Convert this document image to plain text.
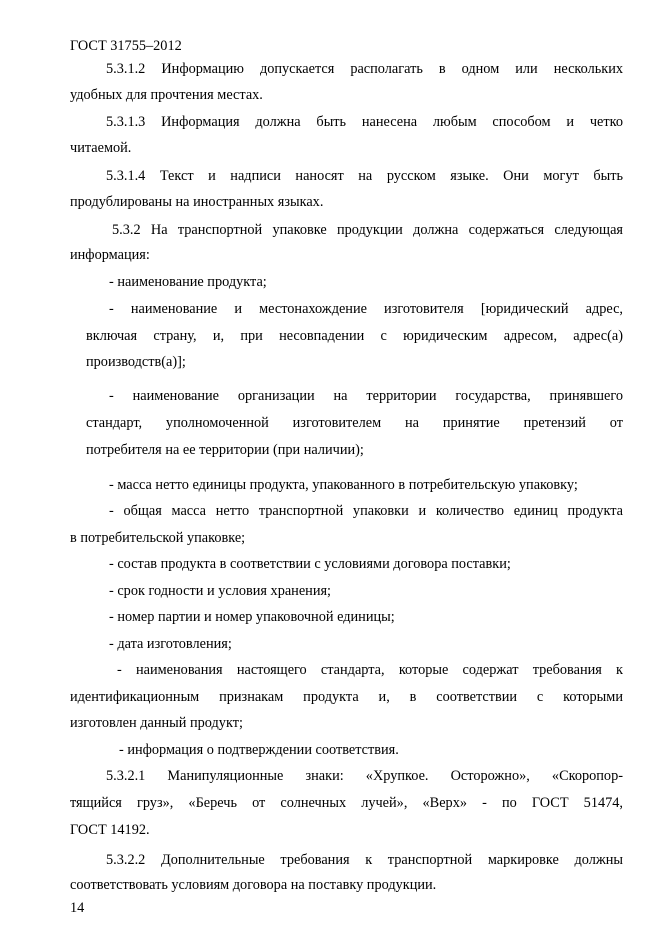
ГОСТ 31755–2012
5.3.1.2 Информацию допускается располагать в одном или нескольких
удобных для прочтения местах.
5.3.1.3 Информация должна быть нанесена любым способом и четко
читаемой.
5.3.1.4 Текст и надписи наносят на русском языке. Они могут быть
продублированы на иностранных языках.
5.3.2 На транспортной упаковке продукции должна содержаться следующая
информация:
- наименование продукта;
- наименование и местонахождение изготовителя [юридический адрес,
включая страну, и, при несовпадении с юридическим адресом, адрес(а)
производств(а)];
- наименование организации на территории государства, принявшего
стандарт, уполномоченной изготовителем на принятие претензий от
потребителя на ее территории (при наличии);
- масса нетто единицы продукта, упакованного в потребительскую упаковку;
- общая масса нетто транспортной упаковки и количество единиц продукта
в потребительской упаковке;
- состав продукта в соответствии с условиями договора поставки;
- срок годности и условия хранения;
- номер партии и номер упаковочной единицы;
- дата изготовления;
- наименования настоящего стандарта, которые содержат требования к
идентификационным признакам продукта и, в соответствии с которыми
изготовлен данный продукт;
- информация о подтверждении соответствия.
5.3.2.1 Манипуляционные знаки: «Хрупкое. Осторожно», «Скоропор-
тящийся груз», «Беречь от солнечных лучей», «Верх» - по ГОСТ 51474,
ГОСТ 14192.
5.3.2.2 Дополнительные требования к транспортной маркировке должны
соответствовать условиям договора на поставку продукции.
14
